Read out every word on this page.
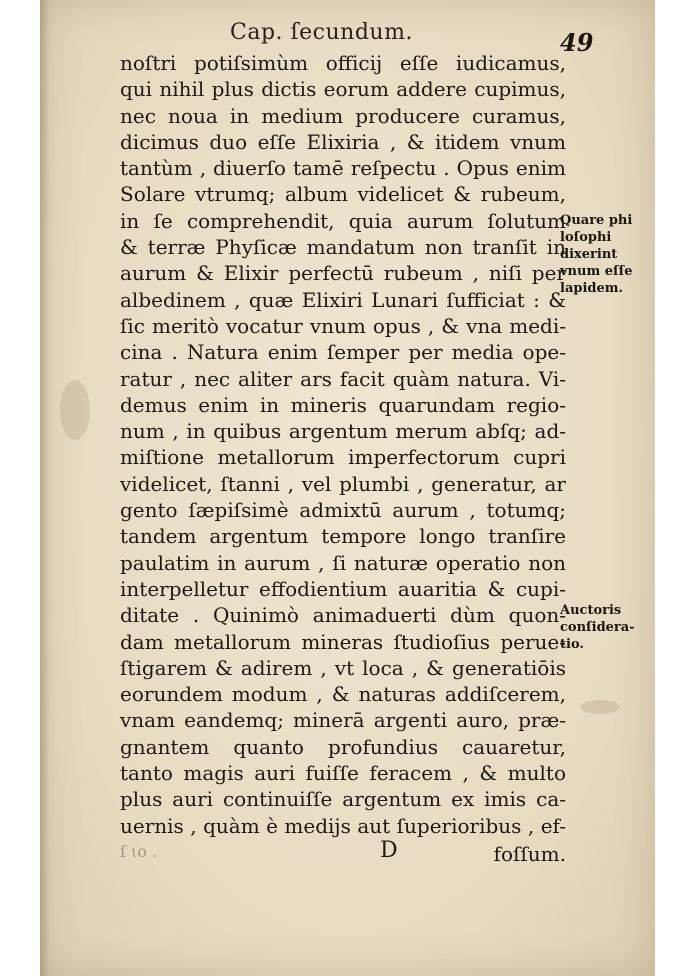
Cap. ſecundum.	49
noſtri potiſsimùm officij eſſe iudicamus,
qui nihil plus dictis eorum addere cupimus,
nec noua in medium producere curamus,
dicimus duo eſſe Elixiria , & itidem vnum
tantùm , diuerſo tamē reſpectu . Opus enim
Solare vtrumq; album videlicet & rubeum,
in ſe comprehendit, quia aurum ſolutum
& terræ Phyſicæ mandatum non tranſit in
aurum & Elixir perfectū rubeum , niſi per
albedinem , quæ Elixiri Lunari ſufficiat : &
ſic meritò vocatur vnum opus , & vna medi-
cina . Natura enim ſemper per media ope-
ratur , nec aliter ars facit quàm natura. Vi-
demus enim in mineris quarundam regio-
num , in quibus argentum merum abſq; ad-
miſtione metallorum imperfectorum cupri
videlicet, ſtanni , vel plumbi , generatur, ar
gento ſæpiſsimè admixtū aurum , totumq;
tandem argentum tempore longo tranſire
paulatim in aurum , ſi naturæ operatio non
interpelletur effodientium auaritia & cupi-
ditate . Quinimò animaduerti dùm quon-
dam metallorum mineras ſtudioſius perue-
ſtigarem & adirem , vt loca , & generatiōis
eorundem modum , & naturas addiſcerem,
vnam eandemq; minerā argenti auro, præ-
gnantem quanto profundius cauaretur,
tanto magis auri fuiſſe feracem , & multo
plus auri continuiſſe argentum ex imis ca-
uernis , quàm è medijs aut ſuperioribus , ef-
Quare phi
loſophi
dixerint
vnum eſſe
lapidem.
Auctoris
conſidera-
tio.
ſ ιο .	D	foſſum.
